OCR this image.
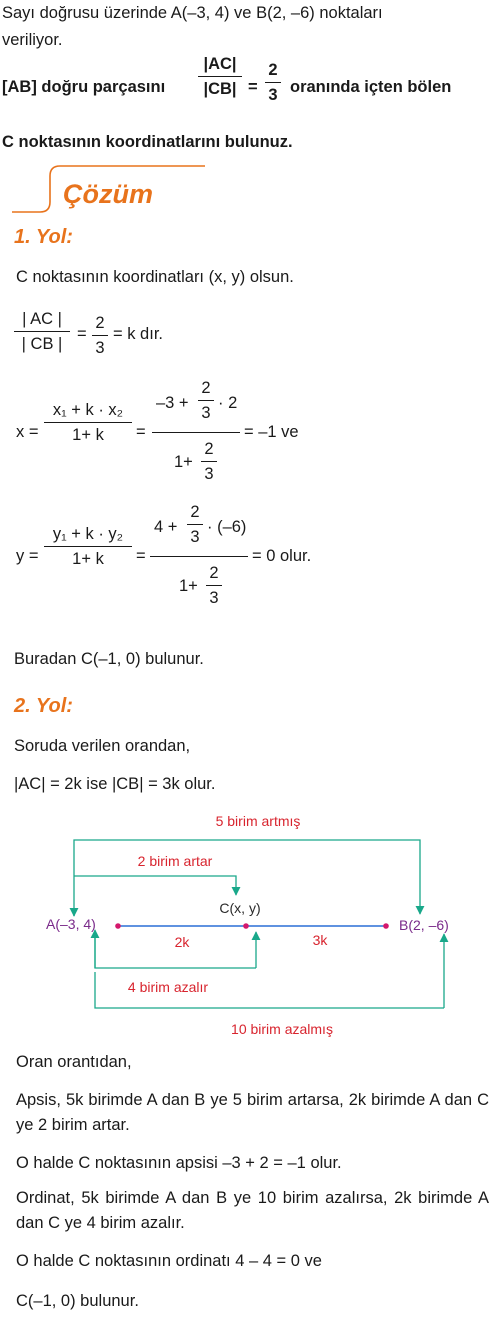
Sayı doğrusu üzerinde A(–3, 4) ve B(2, –6) noktaları
veriliyor.
[AB] doğru parçasını
|AC|
|CB| =
2
3 oranında içten bölen
C noktasının koordinatlarını bulunuz.
Çözüm
1. Yol:
C noktasının koordinatları (x, y) olsun.
| AC |
| CB |
=
2
3
= k dır.
x =
x₁ + k · x₂
1+ k	=
–3 +
2
3
· 2
1+
2
3
= –1 ve
y =
y₁ + k · y₂
1+ k	=
4 +
2
3
· (–6)
1+
2
3
= 0 olur.
Buradan C(–1, 0) bulunur.
2. Yol:
Soruda verilen orandan,
|AC| = 2k ise |CB| = 3k olur.
5 birim artmış
2 birim artar
C(x, y)
A(–3, 4)	B(2, –6)
2k	3k
4 birim azalır
10 birim azalmış
Oran orantıdan,
Apsis, 5k birimde A dan B ye 5 birim artarsa, 2k birimde A dan C ye 2 birim artar.
O halde C noktasının apsisi –3 + 2 = –1 olur.
Ordinat, 5k birimde A dan B ye 10 birim azalırsa, 2k birimde A dan C ye 4 birim azalır.
O halde C noktasının ordinatı 4 – 4 = 0 ve
C(–1, 0) bulunur.
